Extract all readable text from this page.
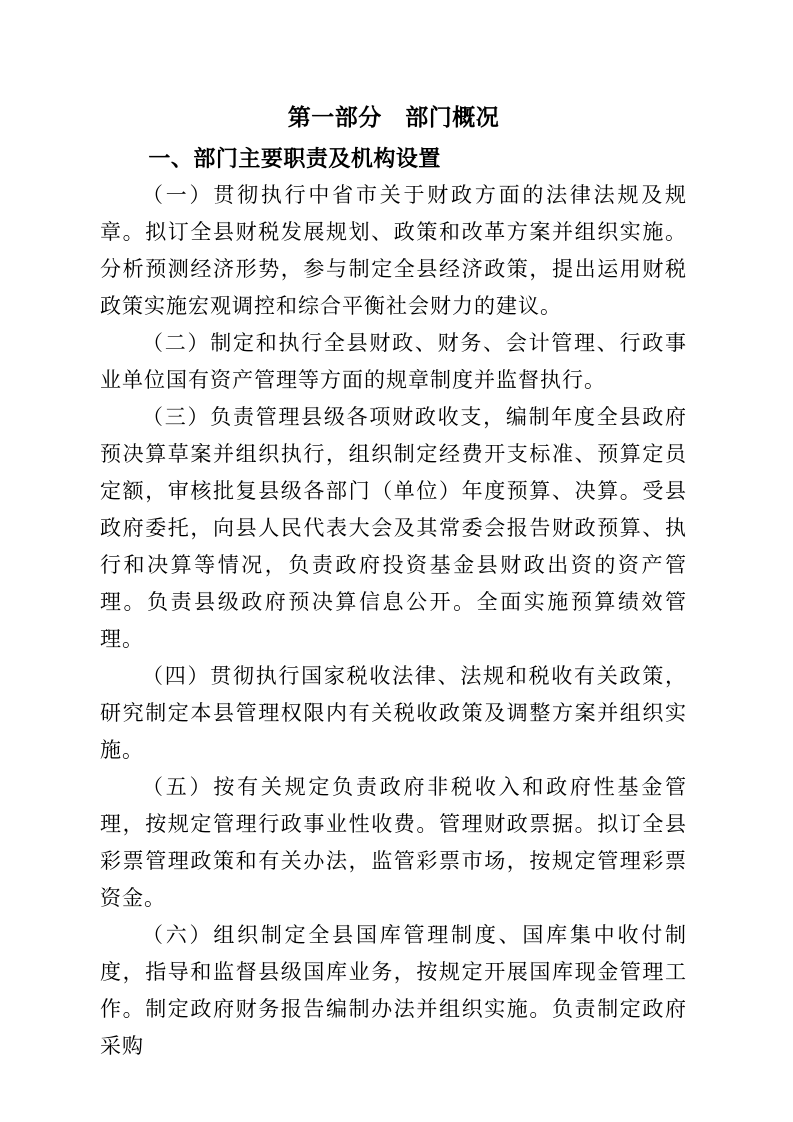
第一部分　部门概况
一、部门主要职责及机构设置

（一）贯彻执行中省市关于财政方面的法律法规及规章。拟订全县财税发展规划、政策和改革方案并组织实施。分析预测经济形势，参与制定全县经济政策，提出运用财税政策实施宏观调控和综合平衡社会财力的建议。

（二）制定和执行全县财政、财务、会计管理、行政事业单位国有资产管理等方面的规章制度并监督执行。

（三）负责管理县级各项财政收支，编制年度全县政府预决算草案并组织执行，组织制定经费开支标准、预算定员定额，审核批复县级各部门（单位）年度预算、决算。受县政府委托，向县人民代表大会及其常委会报告财政预算、执行和决算等情况，负责政府投资基金县财政出资的资产管理。负责县级政府预决算信息公开。全面实施预算绩效管理。

（四）贯彻执行国家税收法律、法规和税收有关政策，研究制定本县管理权限内有关税收政策及调整方案并组织实施。

（五）按有关规定负责政府非税收入和政府性基金管理，按规定管理行政事业性收费。管理财政票据。拟订全县彩票管理政策和有关办法，监管彩票市场，按规定管理彩票资金。

（六）组织制定全县国库管理制度、国库集中收付制度，指导和监督县级国库业务，按规定开展国库现金管理工作。制定政府财务报告编制办法并组织实施。负责制定政府采购
